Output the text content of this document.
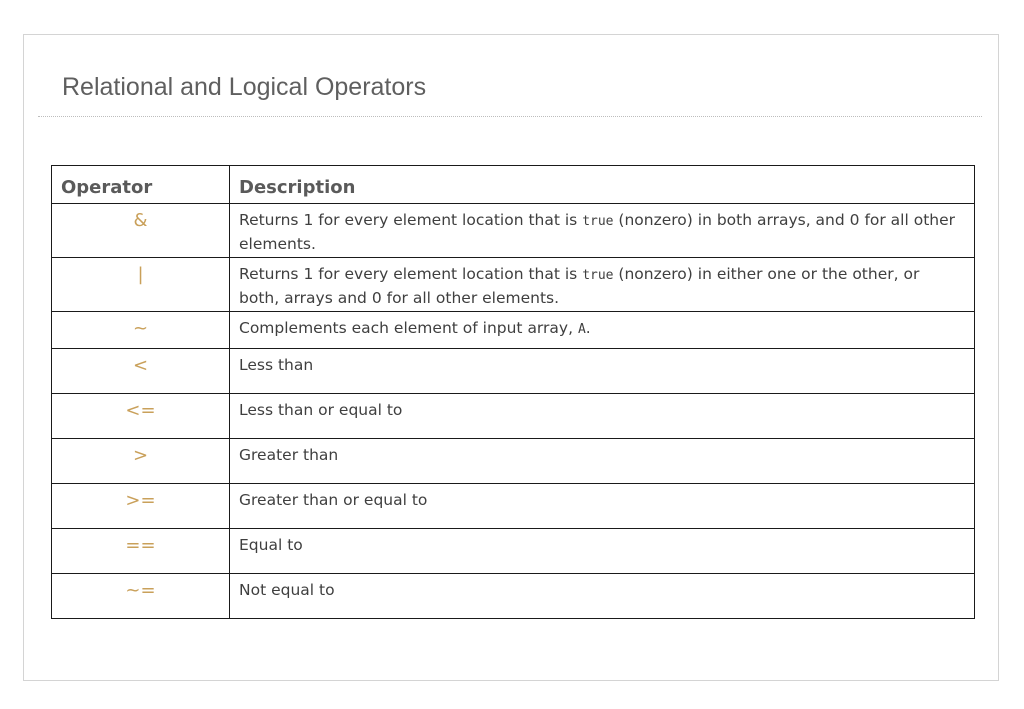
Relational and Logical Operators
Operator	Description
&	Returns 1 for every element location that is true (nonzero) in both arrays, and 0 for all other elements.
|	Returns 1 for every element location that is true (nonzero) in either one or the other, or both, arrays and 0 for all other elements.
~	Complements each element of input array, A.
<	Less than
<=	Less than or equal to
>	Greater than
>=	Greater than or equal to
==	Equal to
~=	Not equal to
